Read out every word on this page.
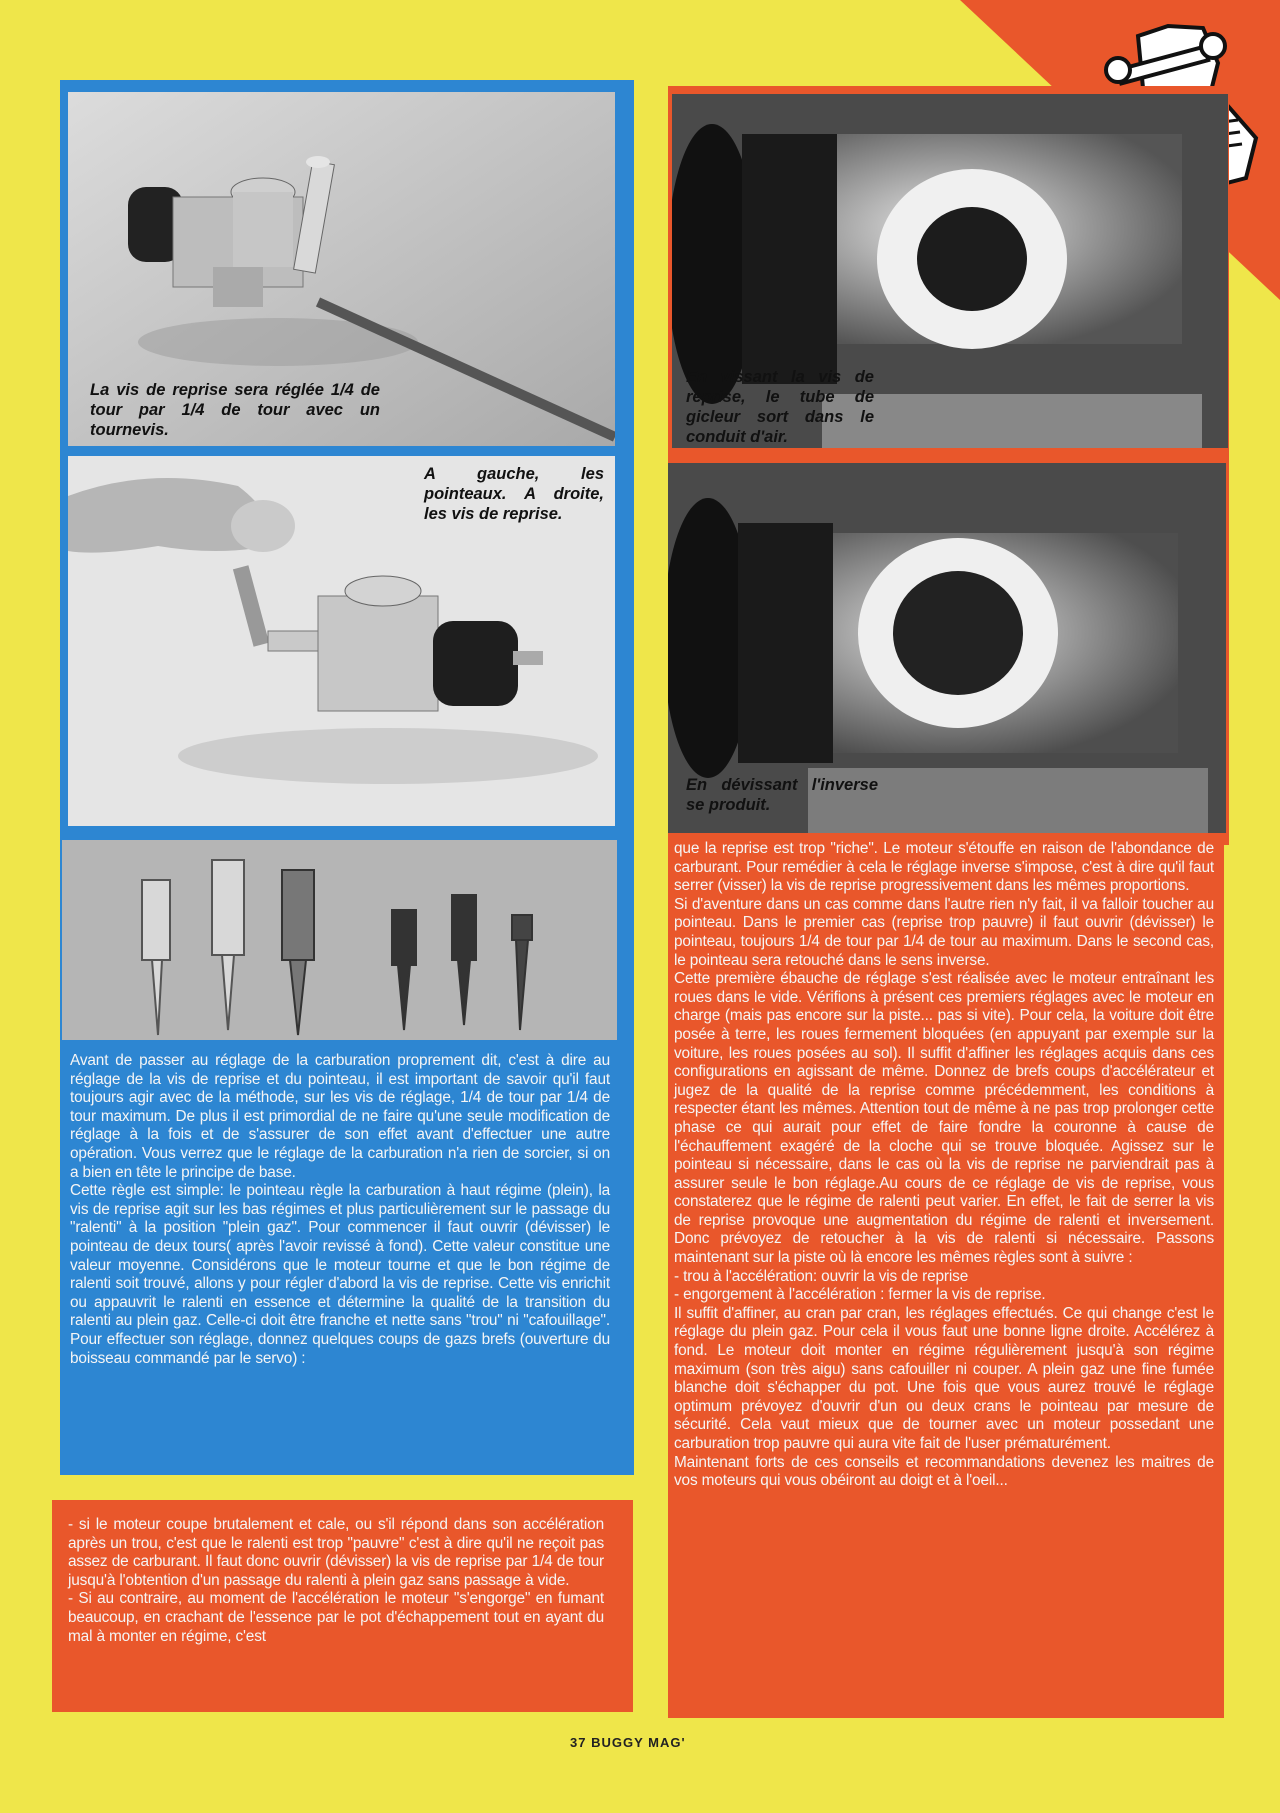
La vis de reprise sera réglée 1/4 de tour par 1/4 de tour avec un tournevis.
A gauche, les pointeaux. A droite, les vis de reprise.

Avant de passer au réglage de la carburation proprement dit, c'est à dire au réglage de la vis de reprise et du pointeau, il est important de savoir qu'il faut toujours agir avec de la méthode, sur les vis de réglage, 1/4 de tour par 1/4 de tour maximum. De plus il est primordial de ne faire qu'une seule modification de réglage à la fois et de s'assurer de son effet avant d'effectuer une autre opération. Vous verrez que le réglage de la carburation n'a rien de sorcier, si on a bien en tête le principe de base.

Cette règle est simple: le pointeau règle la carburation à haut régime (plein), la vis de reprise agit sur les bas régimes et plus particulièrement sur le passage du "ralenti" à la position "plein gaz". Pour commencer il faut ouvrir (dévisser) le pointeau de deux tours( après l'avoir revissé à fond). Cette valeur constitue une valeur moyenne. Considérons que le moteur tourne et que le bon régime de ralenti soit trouvé, allons y pour régler d'abord la vis de reprise. Cette vis enrichit ou appauvrit le ralenti en essence et détermine la qualité de la transition du ralenti au plein gaz. Celle-ci doit être franche et nette sans "trou" ni "cafouillage". Pour effectuer son réglage, donnez quelques coups de gazs brefs (ouverture du boisseau commandé par le servo) :

En vissant la vis de reprise, le tube de gicleur sort dans le conduit d'air.
En dévissant l'inverse se produit.

que la reprise est trop "riche". Le moteur s'étouffe en raison de l'abondance de carburant. Pour remédier à cela le réglage inverse s'impose, c'est à dire qu'il faut serrer (visser) la vis de reprise progressivement dans les mêmes proportions.

Si d'aventure dans un cas comme dans l'autre rien n'y fait, il va falloir toucher au pointeau. Dans le premier cas (reprise trop pauvre) il faut ouvrir (dévisser) le pointeau, toujours 1/4 de tour par 1/4 de tour au maximum. Dans le second cas, le pointeau sera retouché dans le sens inverse.

Cette première ébauche de réglage s'est réalisée avec le moteur entraînant les roues dans le vide. Vérifions à présent ces premiers réglages avec le moteur en charge (mais pas encore sur la piste... pas si vite). Pour cela, la voiture doit être posée à terre, les roues fermement bloquées (en appuyant par exemple sur la voiture, les roues posées au sol). Il suffit d'affiner les réglages acquis dans ces configurations en agissant de même. Donnez de brefs coups d'accélérateur et jugez de la qualité de la reprise comme précédemment, les conditions à respecter étant les mêmes. Attention tout de même à ne pas trop prolonger cette phase ce qui aurait pour effet de faire fondre la couronne à cause de l'échauffement exagéré de la cloche qui se trouve bloquée. Agissez sur le pointeau si nécessaire, dans le cas où la vis de reprise ne parviendrait pas à assurer seule le bon réglage.Au cours de ce réglage de vis de reprise, vous constaterez que le régime de ralenti peut varier. En effet, le fait de serrer la vis de reprise provoque une augmentation du régime de ralenti et inversement. Donc prévoyez de retoucher à la vis de ralenti si nécessaire. Passons maintenant sur la piste où là encore les mêmes règles sont à suivre :

- trou à l'accélération: ouvrir la vis de reprise

- engorgement à l'accélération : fermer la vis de reprise.

Il suffit d'affiner, au cran par cran, les réglages effectués. Ce qui change c'est le réglage du plein gaz. Pour cela il vous faut une bonne ligne droite. Accélérez à fond. Le moteur doit monter en régime régulièrement jusqu'à son régime maximum (son très aigu) sans cafouiller ni couper. A plein gaz une fine fumée blanche doit s'échapper du pot. Une fois que vous aurez trouvé le réglage optimum prévoyez d'ouvrir d'un ou deux crans le pointeau par mesure de sécurité. Cela vaut mieux que de tourner avec un moteur possedant une carburation trop pauvre qui aura vite fait de l'user prématurément.

Maintenant forts de ces conseils et recommandations devenez les maitres de vos moteurs qui vous obéiront au doigt et à l'oeil...

- si le moteur coupe brutalement et cale, ou s'il répond dans son accélération après un trou, c'est que le ralenti est trop "pauvre" c'est à dire qu'il ne reçoit pas assez de carburant. Il faut donc ouvrir (dévisser) la vis de reprise par 1/4 de tour jusqu'à l'obtention d'un passage du ralenti à plein gaz sans passage à vide.

- Si au contraire, au moment de l'accélération le moteur "s'engorge" en fumant beaucoup, en crachant de l'essence par le pot d'échappement tout en ayant du mal à monter en régime, c'est

37 BUGGY MAG'
